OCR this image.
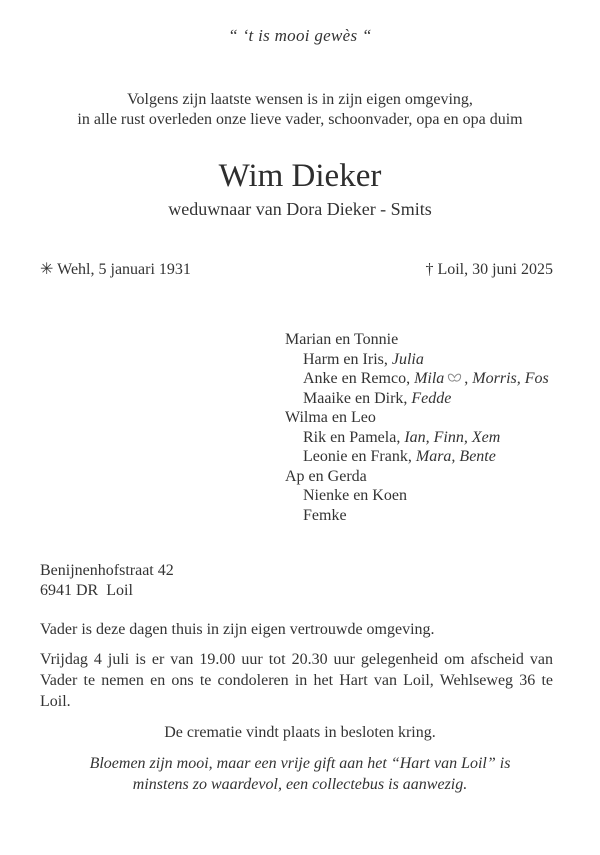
“ ‘t is mooi gewès “
Volgens zijn laatste wensen is in zijn eigen omgeving,
in alle rust overleden onze lieve vader, schoonvader, opa en opa duim
Wim Dieker
weduwnaar van Dora Dieker - Smits
✳ Wehl, 5 januari 1931	† Loil, 30 juni 2025
Marian en Tonnie
Harm en Iris, Julia
Anke en Remco, Mila , Morris, Fos
Maaike en Dirk, Fedde
Wilma en Leo
Rik en Pamela, Ian, Finn, Xem
Leonie en Frank, Mara, Bente
Ap en Gerda
Nienke en Koen
Femke
Benijnenhofstraat 42
6941 DR  Loil

Vader is deze dagen thuis in zijn eigen vertrouwde omgeving.

Vrijdag 4 juli is er van 19.00 uur tot 20.30 uur gelegenheid om afscheid van Vader te nemen en ons te condoleren in het Hart van Loil, Wehlseweg 36 te Loil.

De crematie vindt plaats in besloten kring.

Bloemen zijn mooi, maar een vrije gift aan het “Hart van Loil” is minstens zo waardevol, een collectebus is aanwezig.
